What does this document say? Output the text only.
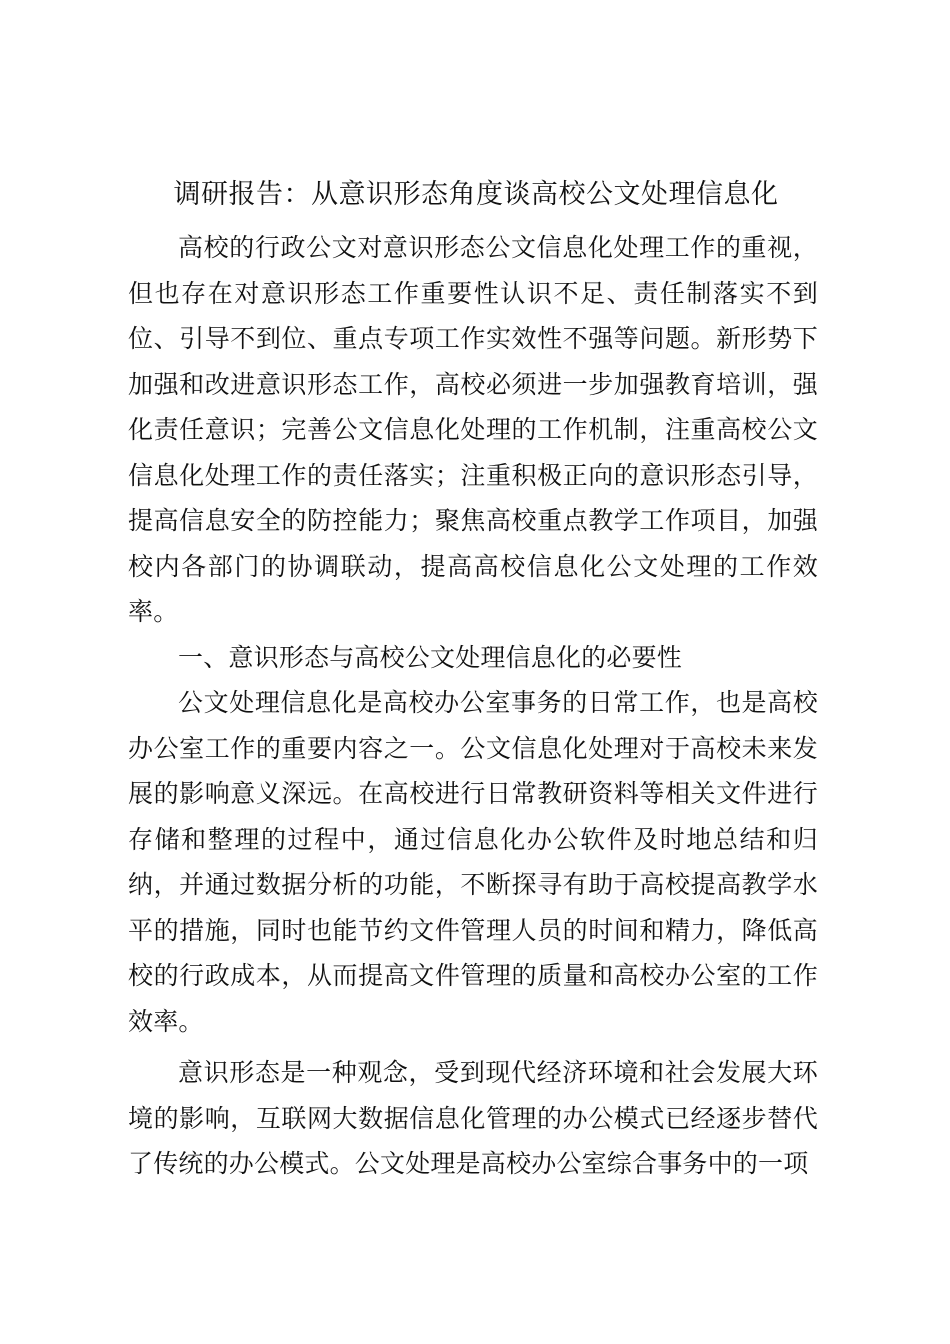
调研报告：从意识形态角度谈高校公文处理信息化

高校的行政公文对意识形态公文信息化处理工作的重视，但也存在对意识形态工作重要性认识不足、责任制落实不到位、引导不到位、重点专项工作实效性不强等问题。新形势下加强和改进意识形态工作，高校必须进一步加强教育培训，强化责任意识；完善公文信息化处理的工作机制，注重高校公文信息化处理工作的责任落实；注重积极正向的意识形态引导，提高信息安全的防控能力；聚焦高校重点教学工作项目，加强校内各部门的协调联动，提高高校信息化公文处理的工作效率。

一、意识形态与高校公文处理信息化的必要性

公文处理信息化是高校办公室事务的日常工作，也是高校办公室工作的重要内容之一。公文信息化处理对于高校未来发展的影响意义深远。在高校进行日常教研资料等相关文件进行存储和整理的过程中，通过信息化办公软件及时地总结和归纳，并通过数据分析的功能，不断探寻有助于高校提高教学水平的措施，同时也能节约文件管理人员的时间和精力，降低高校的行政成本，从而提高文件管理的质量和高校办公室的工作效率。

意识形态是一种观念，受到现代经济环境和社会发展大环境的影响，互联网大数据信息化管理的办公模式已经逐步替代了传统的办公模式。公文处理是高校办公室综合事务中的一项
